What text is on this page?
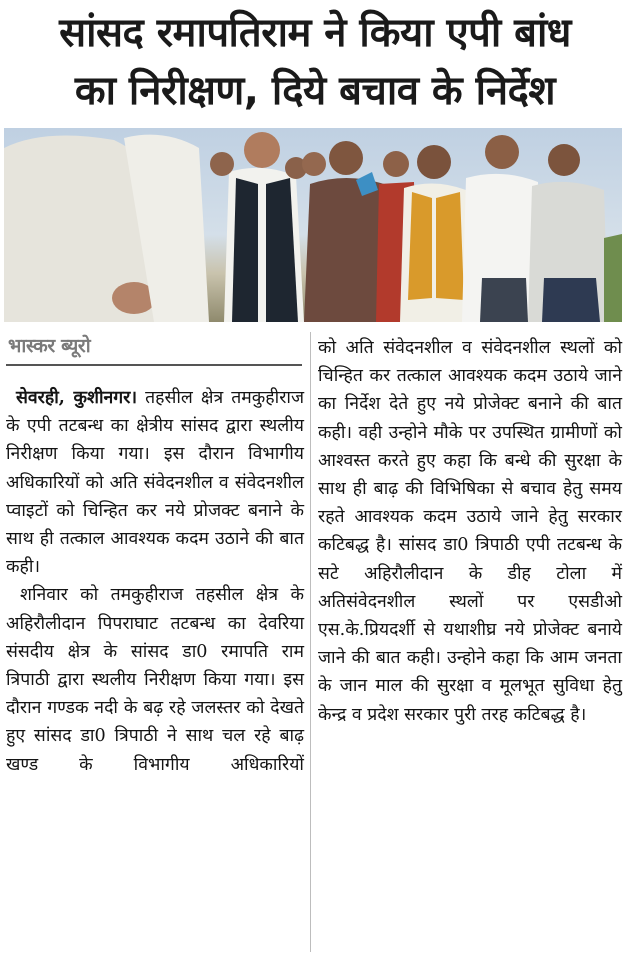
सांसद रमापतिराम ने किया एपी बांध
का निरीक्षण, दिये बचाव के निर्देश
भास्कर ब्यूरो

सेवरही, कुशीनगर। तहसील क्षेत्र तमकुहीराज के एपी तटबन्ध का क्षेत्रीय सांसद द्वारा स्थलीय निरीक्षण किया गया। इस दौरान विभागीय अधिकारियों को अति संवेदनशील व संवेदनशील प्वाइटों को चिन्हित कर नये प्रोजक्ट बनाने के साथ ही तत्काल आवश्यक कदम उठाने की बात कही।

शनिवार को तमकुहीराज तहसील क्षेत्र के अहिरौलीदान पिपराघाट तटबन्ध का देवरिया संसदीय क्षेत्र के सांसद डा0 रमापति राम त्रिपाठी द्वारा स्थलीय निरीक्षण किया गया। इस दौरान गण्डक नदी के बढ़ रहे जलस्तर को देखते हुए सांसद डा0 त्रिपाठी ने साथ चल रहे बाढ़ खण्ड के विभागीय अधिकारियों

को अति संवेदनशील व संवेदनशील स्थलों को चिन्हित कर तत्काल आवश्यक कदम उठाये जाने का निर्देश देते हुए नये प्रोजेक्ट बनाने की बात कही। वही उन्होने मौके पर उपस्थित ग्रामीणों को आश्वस्त करते हुए कहा कि बन्धे की सुरक्षा के साथ ही बाढ़ की विभिषिका से बचाव हेतु समय रहते आवश्यक कदम उठाये जाने हेतु सरकार कटिबद्ध है। सांसद डा0 त्रिपाठी एपी तटबन्ध के सटे अहिरौलीदान के डीह टोला में अतिसंवेदनशील स्थलों पर एसडीओ एस.के.प्रियदर्शी से यथाशीघ्र नये प्रोजेक्ट बनाये जाने की बात कही। उन्होने कहा कि आम जनता के जान माल की सुरक्षा व मूलभूत सुविधा हेतु केन्द्र व प्रदेश सरकार पुरी तरह कटिबद्ध है।
